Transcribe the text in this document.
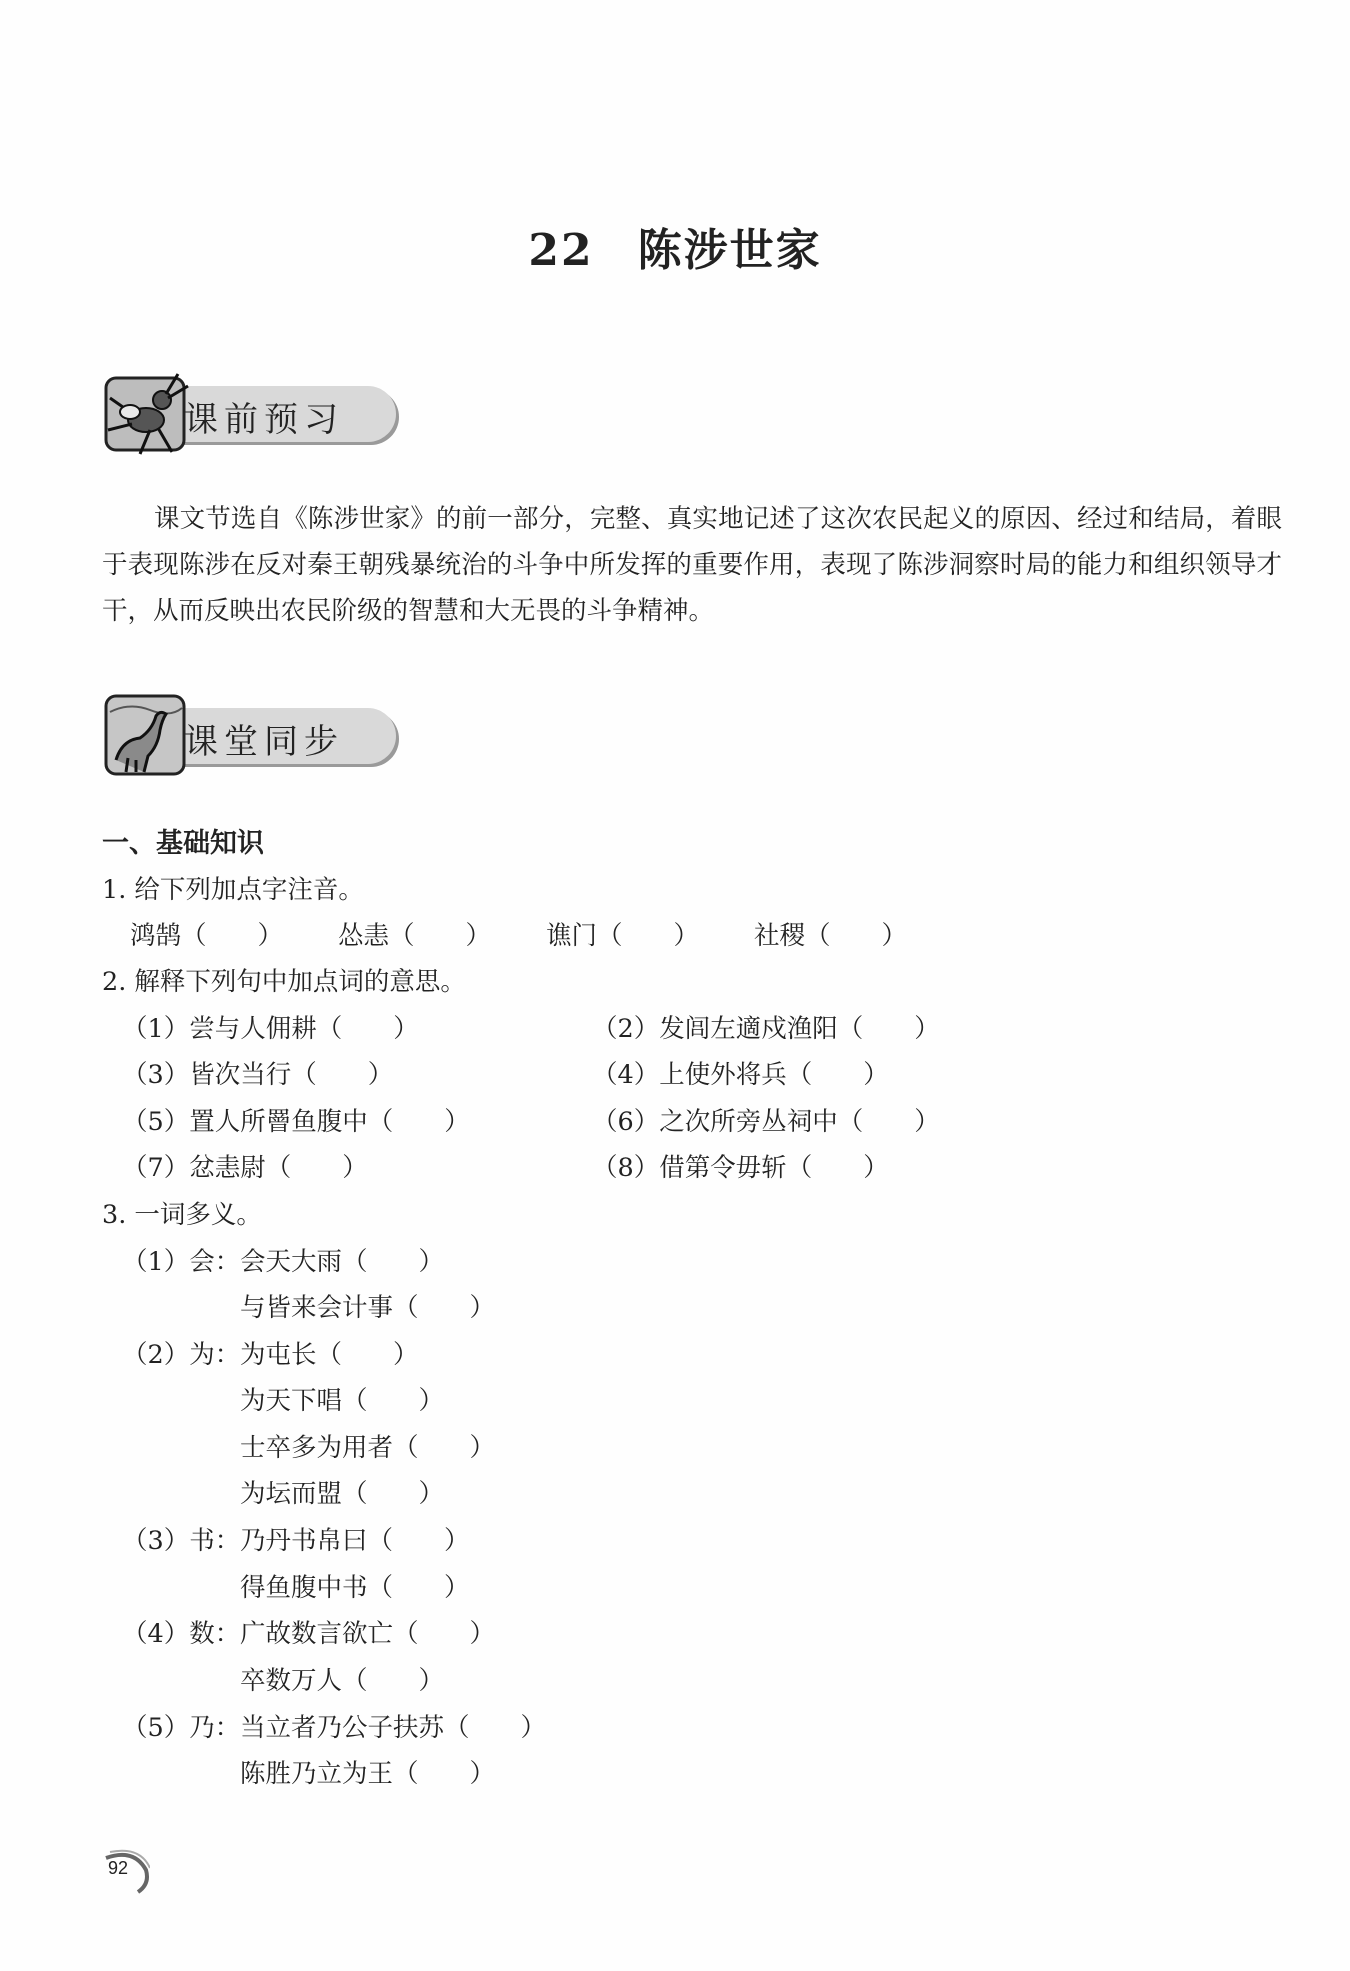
22 陈涉世家
课前预习

课文节选自《陈涉世家》的前一部分，完整、真实地记述了这次农民起义的原因、经过和结局，着眼于表现陈涉在反对秦王朝残暴统治的斗争中所发挥的重要作用，表现了陈涉洞察时局的能力和组织领导才干，从而反映出农民阶级的智慧和大无畏的斗争精神。

课堂同步
一、基础知识
1. 给下列加点字注音。
鸿鹄（　　） 怂恚（　　） 谯门（　　） 社稷（　　）
2. 解释下列句中加点词的意思。
（1）尝与人佣耕（　　）	（2）发闾左適戍渔阳（　　）
（3）皆次当行（　　）	（4）上使外将兵（　　）
（5）置人所罾鱼腹中（　　）	（6）之次所旁丛祠中（　　）
（7）忿恚尉（　　）	（8）借第令毋斩（　　）
3. 一词多义。
（1）会： 会天大雨（　　）
与皆来会计事（　　）
（2）为： 为屯长（　　）
为天下唱（　　）
士卒多为用者（　　）
为坛而盟（　　）
（3）书： 乃丹书帛曰（　　）
得鱼腹中书（　　）
（4）数： 广故数言欲亡（　　）
卒数万人（　　）
（5）乃： 当立者乃公子扶苏（　　）
陈胜乃立为王（　　）
92
